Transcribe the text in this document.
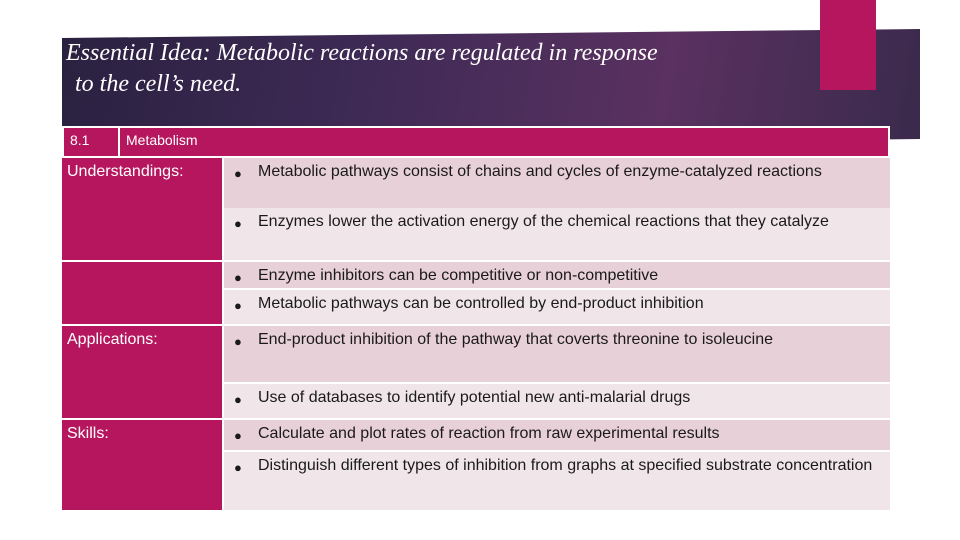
Essential Idea: Metabolic reactions are regulated in response
to the cell’s need.
8.1	Metabolism
Understandings:	●	Metabolic pathways consist of chains and cycles of enzyme-catalyzed reactions
●	Enzymes lower the activation energy of the chemical reactions that they catalyze
●	Enzyme inhibitors can be competitive or non-competitive
●	Metabolic pathways can be controlled by end-product inhibition
Applications:	●	End-product inhibition of the pathway that coverts threonine to isoleucine
●	Use of databases to identify potential new anti-malarial drugs
Skills:	●	Calculate and plot rates of reaction from raw experimental results
●	Distinguish different types of inhibition from graphs at specified substrate concentration
